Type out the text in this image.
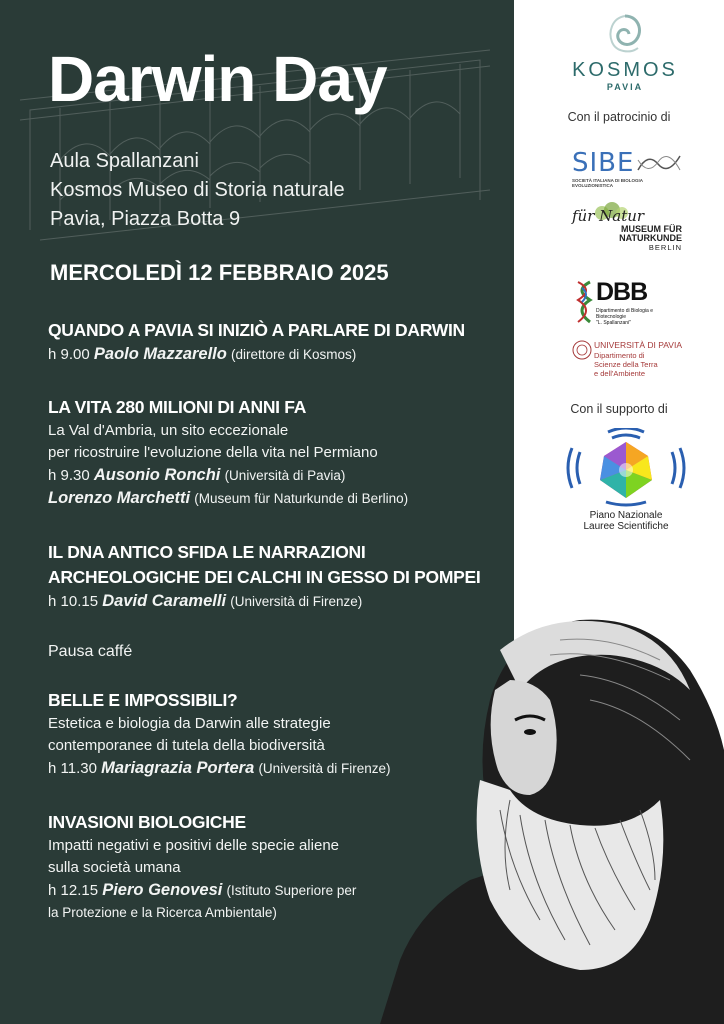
Darwin Day
Aula Spallanzani
Kosmos Museo di Storia naturale
Pavia, Piazza Botta 9
MERCOLEDÌ 12 FEBBRAIO 2025
QUANDO A PAVIA SI INIZIÒ A PARLARE DI DARWIN
h 9.00 Paolo Mazzarello (direttore di Kosmos)
LA VITA 280 MILIONI DI ANNI FA
La Val d'Ambria, un sito eccezionale
per ricostruire l'evoluzione della vita nel Permiano
h 9.30 Ausonio Ronchi (Università di Pavia)
Lorenzo Marchetti (Museum für Naturkunde di Berlino)
IL DNA ANTICO SFIDA LE NARRAZIONI
ARCHEOLOGICHE DEI CALCHI IN GESSO DI POMPEI
h 10.15 David Caramelli (Università di Firenze)
Pausa caffé
BELLE E IMPOSSIBILI?
Estetica e biologia da Darwin alle strategie
contemporanee di tutela della biodiversità
h 11.30 Mariagrazia Portera (Università di Firenze)
INVASIONI BIOLOGICHE
Impatti negativi e positivi delle specie aliene
sulla società umana
h 12.15 Piero Genovesi (Istituto Superiore per
la Protezione e la Ricerca Ambientale)
KOSMOS
PAVIA
Con il patrocinio di
SIBE
SOCIETÀ ITALIANA DI BIOLOGIA EVOLUZIONISTICA
für Natur
MUSEUM FÜR
NATURKUNDE
BERLIN
DBB
Dipartimento di Biologia e Biotecnologie
"L. Spallanzani"
UNIVERSITÀ DI PAVIA
Dipartimento di
Scienze della Terra
e dell'Ambiente
Con il supporto di
Piano Nazionale
Lauree Scientifiche
